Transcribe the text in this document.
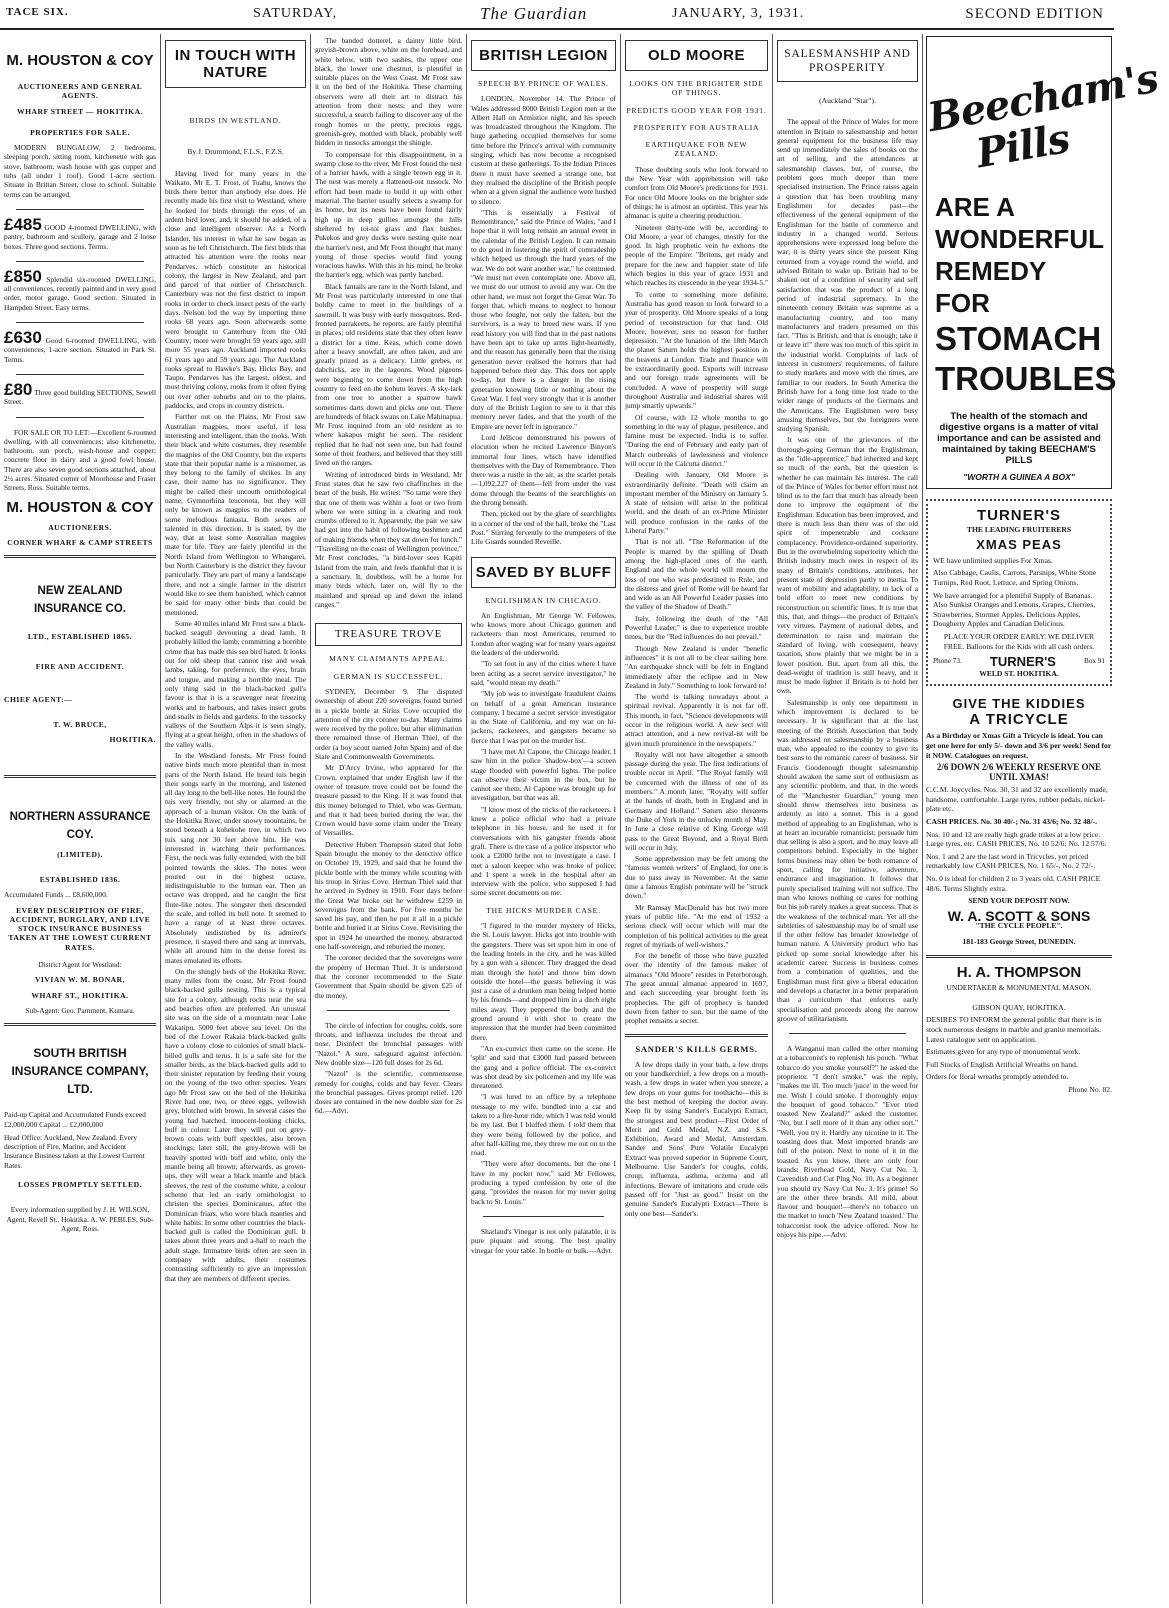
TACE SIX.	SATURDAY,	The Guardian	JANUARY, 3, 1931.	SECOND EDITION
M. HOUSTON & COY
AUCTIONEERS AND GENERAL AGENTS.
WHARF STREET — HOKITIKA.
PROPERTIES FOR SALE.

MODERN BUNGALOW, 2 bedrooms, sleeping porch, sitting room, kitchenette with gas stove, bathroom, wash house with gas copper and tubs (all under 1 roof). Good 1-acre section. Situate in Brittan Street, close to school. Suitable terms can be arranged.

£485 GOOD 4-roomed DWELLING, with pantry, bathroom and scullery, garage and 2 loose boxes. Three good sections. Terms.

£850 Splendid six-roomed DWELLING, all conveniences, recently painted and in very good order, motor garage. Good section. Situated in Hampden Street. Easy terms.

£630 Good 6-roomed DWELLING, with conveniences, 1-acre section. Situated in Park St. Terms.

£80 Three good building SECTIONS, Sewell Street.

FOR SALE OR TO LET:—Excellent 6-roomed dwelling, with all conveniences; also kitchenette, bathroom, sun porch, wash-house and copper; concrete floor in dairy and a good fowl house. There are also seven good sections attached, about 2½ acres. Situated corner of Moorhouse and Fraser Streets, Ross. Suitable terms.

M. HOUSTON & COY
AUCTIONEERS.
CORNER WHARF & CAMP STREETS
NEW ZEALAND INSURANCE CO.
LTD., ESTABLISHED 1865.
FIRE AND ACCIDENT.
CHIEF AGENT:—
T. W. BRUCE,
HOKITIKA.
NORTHERN ASSURANCE COY.
(LIMITED).
ESTABLISHED 1836.
Accumulated Funds ... £8,600,000.
EVERY DESCRIPTION OF FIRE, ACCIDENT, BURGLARY, AND LIVE STOCK INSURANCE BUSINESS TAKEN AT THE LOWEST CURRENT RATES.
District Agent for Westland:
VIVIAN W. M. BONAR,
WHARF ST., HOKITIKA.
Sub-Agent: Geo. Pammenŧ, Kumara.
SOUTH BRITISH INSURANCE COMPANY, LTD.
Paid-up Capital and Accumulated Funds exceed £2,000,000 Capital ... £2,000,000
Head Office: Auckland, New Zealand. Every description of Fire, Marine, and Accident Insurance Business taken at the Lowest Current Rates.
LOSSES PROMPTLY SETTLED.
Every information supplied by J. H. WILSON, Agent, Revell St., Hokitika. A. W. PEBLES, Sub-Agent, Ross.
IN TOUCH WITH NATURE
BIRDS IN WESTLAND.
By J. Drummond, F.L.S., F.Z.S.

Having lived for many years in the Waikato, Mr E. T. Frost, of Tuahu, knows the birds there better than anybody else does. He recently made his first visit to Westland, where he looked for birds through the eyes of an ardent bird lover, and, it should be added, of a close and intelligent observer. As a North Islander, his interest in what he saw began as soon as he left Christchurch. The first birds that attracted his attention were the rooks near Pendarves, which constitute an historical colony, the largest in New Zealand, and part and parcel of that outlier of Christchurch. Canterbury was not the first district to import rooks in order to check insect pests of the early days. Nelson led the way by importing three rooks 68 years ago. Soon afterwards some were brought to Canterbury from the Old Country; more were brought 59 years ago, still more 55 years ago. Auckland imported rooks 61 years ago and 59 years ago. The Auckland rooks spread to Hawke's Bay, Hicks Bay, and Taupo. Pendarves has the largest, oldest, and most thriving colony, rooks from it often flying out over other suburbs and on to the plains, paddocks, and crops in country districts.

Further out on the Plains, Mr Frost saw Australian magpies, more useful, if less interesting and intelligent, than the rooks. With their black and white costumes, they resemble the magpies of the Old Country, but the experts state that their popular name is a misnomer, as they belong to the family of shrikes. In any case, their name has no significance. They might be called their uncouth ornithological name, Gymnorhina leuconota, but they will only be known as magpies to the readers of some melodious fantasia. Both sexes are talented in this direction. It is stated, by the way, that at least some Australian magpies mate for life. They are fairly plentiful in the North Island from Wellington to Whangarei, but North Canterbury is the district they favour particularly. They are part of many a landscape there, and not a single farmer in the district would like to see them banished, which cannot be said for many other birds that could be mentioned.

Some 40 miles inland Mr Frost saw a black-backed seagull devouring a dead lamb. It probably killed the lamb, committing a horrible crime that has made this sea bird hated. It looks out for old sheep that cannot rise and weak lambs, taking, for preference, the eyes, brain and tongue, and making a horrible meal. The only thing said in the black-backed gull's favour is that it is a scavenger near freezing works and in harbours, and takes insect grubs and snails in fields and gardens. In the tussocky valleys of the Southern Alps it is seen singly, flying at a great height, often in the shadows of the valley walls.

In the Westland forests, Mr Frost found native birds much more plentiful than in most parts of the North Island. He heard tuis begin their songs early in the morning, and listened all day long to the bell-like notes. He found the tuis very friendly, not shy or alarmed at the approach of a human visitor. On the bank of the Hokitika River, under snowy mountains, he stood beneath a kohekohe tree, in which two tuis sang not 30 feet above him. He was interested in watching their performances. First, the neck was fully extended, with the bill pointed towards the skies. The notes were poured out in the highest octave, indistinguishable to the human ear. Then an octave was dropped, and he caught the first flute-like notes. The songster then descended the scale, and tolled its bell note. It seemed to have a range of at least three octaves. Absolutely undisturbed by its admirer's presence, it stayed there and sang at intervals, while all around him in the dense forest its mates emulated its efforts.

On the shingly beds of the Hokitika River, many miles from the coast, Mr Frost found black-backed gulls nesting. This is a typical site for a colony, although rocks near the sea and beaches often are preferred. An unusual site was on the side of a mountain near Lake Wakatipu, 5000 feet above sea level. On the bed of the Lower Rakaia black-backed gulls have a colony close to colonies of small black-billed gulls and terns. It is a safe site for the smaller birds, as the black-backed gulls add to their sinister reputation by feeding their young on the young of the two other species. Years ago Mr Frost saw on the bed of the Hokitika River had one, two, or three eggs, yellowish grey, blotched with brown. In several cases the young had hatched, innocent-looking chicks, buff in colour. Later they will put on grey-brown coats with buff speckles, also brown stockings; later still, the grey-brown will be heavily spotted with buff and white, only the mantle being all brown; afterwards, as grown-ups, they will wear a black mantle and black sleeves, the rest of the costume white, a colour scheme that led an early ornithologist to christen the species Dominicanus, after the Dominican friars, who wore black mantles and white habits. In some other countries the black-backed gull is called the Dominican gull. It takes about three years and a-half to reach the adult stage. Immature birds often are seen in company with adults, their costumes contrasting sufficiently to give an impression that they are members of different species.

The banded dotterel, a dainty little bird, greyish-brown above, white on the forehead, and white below, with two sashes, the upper one black, the lower one chestnut, is plentiful in suitable places on the West Coast. Mr Frost saw it on the bed of the Hokitika. These charming observers were all their art to distract his attention from their nests; and they were successful, a search failing to discover any of the rough homes or the pretty, precious eggs, greenish-grey, mottled with black, probably well hidden in tussocks amongst the shingle.

To compensate for this disappointment, in a swamp close to the river, Mr Frost found the nest of a harrier hawk, with a single brown egg in it. The nest was merely a flattened-out tussock. No effort had been made to build it up with other material. The harrier usually selects a swamp for its home, but its nests have been found fairly high up in deep gullies amongst the hills sheltered by toi-toi grass and flax bushes. Pukekos and grey ducks were nesting quite near the harrier's nest, and Mr Frost thought that many young of those species would find young voracious hawks. With this in his mind, he broke the harrier's egg, which was partly hatched.

Black fantails are rare in the North Island, and Mr Frost was particularly interested in one that boldly came to meet in the buildings of a sawmill. It was busy with early mosquitoes. Red-fronted parrakeets, he reports, are fairly plentiful in places; old residents state that they often leave a district for a time. Keas, which come down after a heavy snowfall, are often taken, and are greatly prized as a delicacy. Little grebes, or dabchicks, are in the lagoons. Wood pigeons were beginning to come down from the high country to feed on the kohutu leaves. A sky-lark from one tree to another a sparrow hawk sometimes darts down and picks one out. There are hundreds of black swans on Lake Mahinapua. Mr Frost inquired from an old resident as to where kakapos might be seen. The resident replied that he had not seen one, but had found some of their feathers, and believed that they still lived on the ranges.

Writing of introduced birds in Westland, Mr Frost states that he saw two chaffinches in the heart of the bush. He writes: "So tame were they that one of them was within a foot or two from where we were sitting in a clearing and took crumbs offered to it. Apparently, the pair we saw had got into the habit of following bushmen and of making friends when they sat down for lunch." "Travelling on the coast of Wellington province," Mr Frost concludes, "a bird-lover sees Kapiti Island from the train, and feels thankful that it is a sanctuary. It, doubtless, will be a home for many birds which, later on, will fly to the mainland and spread up and down the inland ranges."

TREASURE TROVE
MANY CLAIMANTS APPEAL.
GERMAN IS SUCCESSFUL.

SYDNEY, December 9. The disputed ownership of about 220 sovereigns found buried in a pickle bottle at Sirius Cove occupied the attention of the city coroner to-day. Many claims were received by the police, but after elimination there remained those of Herman Thiel, of the order (a boy scout named John Spain) and of the State and Commonwealth Governments.

Mr D'Arcy Irvine, who appeared for the Crown, explained that under English law if the owner of treasure trove could not be found the treasure passed to the King. If it was found that this money belonged to Thiel, who was German, and that it had been buried during the war, the Crown would have some claim under the Treaty of Versailles.

Detective Hubert Thompson stated that John Spain brought the money to the detective office on October 19, 1929, and said that he found the pickle bottle with the money while scouting with his troop in Sirius Cove. Herman Thiel said that he arrived in Sydney in 1910. Four days before the Great War broke out he withdrew £259 in sovereigns from the bank. For five months he saved his pay, and then he put it all in a pickle bottle and buried it at Sirius Cove. Revisiting the spot in 1924 he unearthed the money, abstracted one half-sovereign, and reburied the money.

The coroner decided that the sovereigns were the property of Herman Thiel. It is understood that the coroner recommended to the State Government that Spain should be given £25 of the money.

The circle of infection for coughs, colds, sore throats, and influenza includes the throat and nose. Disinfect the bronchial passages with "Nazol." A sure, safeguard against infection. New double size—120 full doses for 2s 6d.

"Nazol" is the scientific, commonsense remedy for coughs, colds and hay fever. Clears the bronchial passages. Gives prompt relief. 120 doses are contained in the new double size for 2s 6d.—Advt.

BRITISH LEGION
SPEECH BY PRINCE OF WALES.

LONDON, November 14. The Prince of Wales addressed 8000 British Legion men at the Albert Hall on Armistice night, and his speech was broadcasted throughout the Kingdom. The huge gathering occupied themselves for some time before the Prince's arrival with community singing, which has now become a recognised custom at these gatherings. To the Indian Princes there it must have seemed a strange one, but they realised the discipline of the British people when at a given signal the audience were hushed to silence.

"This is essentially a Festival of Remembrance," said the Prince of Wales, "and I hope that it will long remain an annual event in the calendar of the British Legion. It can remain to do good in fostering the spirit of comradeship which helped us through the hard years of the war. We do not want another war," he continued. "We must not even contemplate one. Above all, we must do our utmost to avoid any war. On the other hand, we must not forget the Great War. To forget that, which means to neglect to honour those who fought, not only the fallen, but the survivors, is a way to breed new wars. If you read history you will find that in the past nations have been apt to take up arms light-heartedly, and the reason has generally been that the rising generation never realised the horrors that had happened before their day. This does not apply to-day, but there is a danger in the rising generation knowing little or nothing about the Great War. I feel very strongly that it is another duty of the British Legion to see to it that this memory never fades, and that the youth of the Empire are never left in ignorance."

Lord Jellicoe demonstrated his powers of elocution when he recited Lawrence Binyon's immortal four lines, which have identified themselves with the Day of Remembrance. Then there was a rustle in the air, as the scarlet petals—1,092,227 of them—fell from under the vast dome through the beams of the searchlights on the throng beneath.

Then, picked out by the glare of searchlights in a corner of the end of the hall, broke the "Last Post." Stirring fervently to the trumpeters of the Life Guards sounded Reveille.

SAVED BY BLUFF
ENGLISHMAN IN CHICAGO.

An Englishman, Mr George W. Fellowes, who knows more about Chicago gunmen and racketeers than most Americans, returned to London after waging war for many years against the leaders of the underworld.

"To set foot in any of the cities where I have been acting as a secret service investigator," he said, "would mean my death."

"My job was to investigate fraudulent claims on behalf of a great American insurance company. I became a secret service investigator in the State of California, and my war on hi-jackers, racketeers, and gangsters became so fierce that I was put on the murder list.

"I have met Al Capone, the Chicago leader. I saw him in the police 'shadow-box'—a screen stage flooded with powerful lights. The police can observe their victim in the box, but he cannot see them. Al Capone was brought up for investigation, but that was all.

"I know most of the tricks of the racketeers. I knew a police official who had a private telephone in his house, and he used it for conversations with his gangster friends about graft. There is the case of a police inspector who took a £2000 bribe not to investigate a case. I met a saloon keeper who was broke of police; and I spent a week in the hospital after an interview with the police, who supposed I had some secret documents on me.

THE HICKS MURDER CASE.

"I figured in the murder mystery of Hicks, the St. Louis lawyer. Hicks got into trouble with the gangsters. There was set upon him in one of the leading hotels in the city, and he was killed by a gun with a silencer. They dragged the dead man through the hotel and threw him down outside the hotel—the guests believing it was just a case of a drunken man being helped home by his friends—and dropped him in a ditch eight miles away. They peppered the body and the ground around it with shot to create the impression that the murder had been committed there.

"An ex-convict then came on the scene. He 'split' and said that £3000 had passed between the gang and a police official. The ex-convict was shot dead by six policemen and my life was threatened.

"I was lured to an office by a telephone message to my wife, bundled into a car and taken to a fire-hour ride, which I was told would be my last. But I bluffed them. I told them that they were being followed by the police, and after half-killing me, they threw me out on to the road.

"They were after documents, but the one I have in my pocket now," said Mr Fellowes, producing a typed confession by one of the gang. "provides the reason for my never going back to St. Louis."

Sharland's Vinegar is not only palatable, it is pure piquant and strong. The best quality vinegar for your table. In bottle or bulk.—Advt.

OLD MOORE
LOOKS ON THE BRIGHTER SIDE OF THINGS.
PREDICTS GOOD YEAR FOR 1931.
PROSPERITY FOR AUSTRALIA
EARTHQUAKE FOR NEW ZEALAND.

Those doubting souls who look forward to the New Year with apprehension will take comfort from Old Moore's predictions for 1931. For once Old Moore looks on the brighter side of things; he is almost an optimist. This year his almanac is quite a cheering production.

Nineteen thirty-one will be, according to Old Moore, a year of changes, mostly for the good. In high prophetic vein he exhorts the people of the Empire: "Britons, get ready and prepare for the new and happier state of life which begins in this year of grace 1931 and which reaches its crescendo in the year 1934-5."

To come to something more definite, Australia has good reason to look forward to a year of prosperity. Old Moore speaks of a long period of reconstruction for that land. Old Moore, however, sees no reason for further depression. "At the lunation of the 18th March the planet Saturn holds the highest position in the heavens at London. Trade and finance will be extraordinarily good. Exports will increase and our foreign trade agreements will be concluded. A wave of prosperity will surge throughout Australia and industrial shares will jump smartly upwards."

Of course, with 12 whole months to go something in the way of plague, pestilence, and famine must be expected. India is to suffer. "During the end of February and early part of March outbreaks of lawlessness and violence will occur in the Calcutta district."

Dealing with January, Old Moore is extraordinarily definite. "Death will claim an important member of the Ministry on January 5. A state of tension will arise in the political world, and the death of an ex-Prime Minister will produce confusion in the ranks of the Liberal Party."

That is not all. "The Reformation of the People is marred by the spilling of Death among the high-placed ones of the earth. England and the whole world will mourn the loss of one who was predestined to Rule, and the distress and grief of Rome will be heard far and wide as an All Powerful Leader passes into the valley of the Shadow of Death."

Italy, following the death of the "All Powerful Leader," is due to experience trouble times, but the "Red influences do not prevail."

Though New Zealand is under "benefic influences" it is not all to be clear sailing here. "An earthquake shock will be felt in England immediately after the eclipse and in New Zealand in July." Something to look forward to!

The world is talking nowadays about a spiritual revival. Apparently it is not far off. This month, in fact, "Science developments will occur in the religious world. A new sect will attract attention, and a new revival-ist will be given much prominence in the newspapers."

Royalty will not have altogether a smooth passage during the year. The first indications of trouble occur in April. "The Royal family will be concerned with the illness of one of its members." A month later, "Royalty will suffer at the hands of death, both in England and in Germany and Holland." Saturn also threatens the Duke of York in the unlucky month of May. In June a close relative of King George will pass to the Great Beyond, and a Royal Birth will occur in July.

Some apprehension may be felt among the "famous women writers" of England, for one is due to pass away in November. At the same time a famous English potentate will be "struck down."

Mr Ramsay MacDonald has but two more years of public life. "At the end of 1932 a serious check will occur which will mar the completion of his political activities to the great regret of myriads of well-wishers."

For the benefit of those who have puzzled over the identity of the famous maker of almanacs "Old Moore" resides in Peterborough. The great annual almanac appeared in 1697, and each succeeding year brought forth its prophecies. The gift of prophecy is handed down from father to son, but the name of the prophet remains a secret.

SANDER'S KILLS GERMS.

A few drops daily in your bath, a few drops on your handkerchief, a few drops on a mouth-wash, a few drops in water when you sneeze, a few drops on your gums for toothache—this is the best method of keeping the doctor away. Keep fit by using Sander's Eucalypti Extract, the strongest and best product—First Order of Merit and Gold Medal, N.Z. and S.S. Exhibition, Award and Medal, Amsterdam. Sander and Sons' Pure Volatile Eucalypti Extract was proved superior in Supreme Court, Melbourne. Use Sander's for coughs, colds, croup, influenza, asthma, eczema and all infections. Beware of imitations and crude oils passed off for "Just as good." Insist on the genuine Sander's Eucalypti Extract—There is only one best—Sander's.

SALESMANSHIP AND PROSPERITY
(Auckland "Star").

The appeal of the Prince of Wales for more attention in Britain to salesmanship and better general equipment for the business life may send up immediately the sales of books on the art of selling, and the attendances at salesmanship classes, but, of course, the problem goes much deeper than mere specialised instruction. The Prince raises again a question that has been troubling many Englishmen for decades past—the effectiveness of the general equipment of the Englishman for the battle of commerce and industry in a changed world. Serious apprehensions were expressed long before the war; it is thirty years since the present King returned from a voyage round the world, and advised Britain to wake up. Britain had to be shaken out of a condition of security and self satisfaction that was the product of a long period of industrial supremacy. In the nineteenth century Britain was supreme as a manufacturing country, and too many manufacturers and traders presumed on this fact. "This is British, and that is enough; take it or leave it!" there was too much of this spirit in the industrial world. Complaints of lack of interest in customers' requirements, of failure to study markets and move with the times, are familiar to our readers. In South America the British have for a long time lost trade to the wider range of products of the Germans and the Americans. The Englishmen were busy amusing themselves, but the foreigners were studying Spanish.

It was one of the grievances of the thorough-going German that the Englishman, as the "idle-apprentice," had inherited and kept so much of the earth, but the question is whether he can maintain his interest. The call of the Prince of Wales for better effort must not blind us to the fact that much has already been done to improve the equipment of the Englishman. Education has been improved, and there is much less than there was of the old spirit of impenetrable and cocksure complacency. Providence-ordained superiority. But in the overwhelming superiority which the British industry much owes in respect of its many of Britain's conditions, attributes, her present state of depression partly to inertia. To want of mobility and adaptability, to lack of a bold effort to meet new conditions by reconstruction on scientific lines. It is true that this, that, and things—the product of Britain's very virtues. Payment of national debts, and determination to raise and maintain the standard of living, with consequent, heavy taxation, show plainly that we might be in a lower position. But, apart from all this, the dead-weight of tradition is still heavy, and it must be made lighter if Britain is to hold her own.

Salesmanship is only one department in which improvement is declared to be necessary. It is significant that at the last meeting of the British Association that body was addressed on salesmanship by a business man, who appealed to the country to give its best sons to the romantic career of business. Sir Francis Goodenough thought salesmanship should awaken the same sort of enthusiasm as any scientific problem, and that, in the words of the "Manchester Guardian," young men should throw themselves into business as ardently as into a sonnet. This is a good method of appealing to an Englishman, who is at heart an incurable romanticist; persuade him that selling is also a sport, and he may leave all competitors behind. Especially in the higher forms business may often be both romance of sport, calling for initiative, adventure, endurance and imagination. It follows that purely specialised training will not suffice. The man who knows nothing or cares for nothing but his job rarely makes a great success. That is the weakness of the technical man. Yet all the subtleties of salesmanship may be of small use if the other fellow has broader knowledge of human nature. A University product who has picked up some social knowledge after his academic career. Success in business comes from a combination of qualities, and the Englishman must first give a liberal education and develops a character in a better preparation than a curriculum that enforces early specialisation and proceeds along the narrow groove of utilitarianism.

A Wanganui man called the other morning at a tobacconist's to replenish his pouch. "What tobacco do you smoke yourself?" he asked the proprietor. "I don't smoke," was the reply, "makes me ill. Too much 'juice' in the weed for me. Wish I could smoke. I thoroughly enjoy the bouquet of good tobacco." "Ever tried toasted New Zealand?" asked the customer. "No, but I sell more of it than any other sort." "Well, you try it. Hardly any nicotine in it. The toasting does that. Most imported brands are full of the poison. Next to none of it in the toasted. As you know, there are only four brands: Riverhead Gold, Navy Cut No. 3, Cavendish and Cut Plug No. 10. As a beginner you should try Navy Cut No. 3. It's prime! So are the other three brands. All mild, about flavour and bouquet!—there's no tobacco on the market to touch 'New Zealand toasted.' The tobacconist took the advice offered. Now he enjoys his pipe.—Advt.

Beecham's Pills
ARE A
WONDERFUL
REMEDY
FOR
STOMACH
TROUBLES
The health of the stomach and digestive organs is a matter of vital importance and can be assisted and maintained by taking BEECHAM'S PILLS
"WORTH A GUINEA A BOX"
TURNER'S
THE LEADING FRUITERERS
XMAS PEAS

WE have unlimited supplies For Xmas.

Also Cabbage, Caulis, Carrots, Parsnips, White Stone Turnips, Red Root, Lettuce, and Spring Onions.

We have arranged for a plentiful Supply of Bananas. Also Sunkist Oranges and Lemons, Grapes, Cherries, Strawberries, Stormer Apples, Delicious Apples, Dougherty Apples and Canadian Delicious.

PLACE YOUR ORDER EARLY. WE DELIVER FREE. Balloons for the Kids with all cash orders.

Phone 73. TURNER'S	Box 91
WELD ST. HOKITIKA.
GIVE THE KIDDIES
A TRICYCLE

As a Birthday or Xmas Gift a Tricycle is ideal. You can get one here for only 5/- down and 3/6 per week! Send for it NOW. Catalogues on request.

2/6 DOWN 2/6 WEEKLY RESERVE ONE UNTIL XMAS!

C.C.M. Joycycles. Nos. 30, 31 and 32 are excellently made, handsome, comfortable. Large tyres, rubber pedals, nickel-plate etc.

CASH PRICES. No. 30 40/-; No. 31 43/6; No. 32 48/-.

Nos. 10 and 12 are really high grade trikes at a low price. Large tyres, etc. CASH PRICES, No. 10 52/6; No. 12 57/6.

Nos. 1 and 2 are the last word in Tricycles, yet priced remarkably low CASH PRICES, No. 1 65/-, No. 2 72/-.

No. 0 is ideal for children 2 to 3 years old. CASH PRICE 48/6. Terms Slightly extra.

SEND YOUR DEPOSIT NOW.

W. A. SCOTT & SONS
"THE CYCLE PEOPLE".
181-183 George Street, DUNEDIN.
H. A. THOMPSON
UNDERTAKER & MONUMENTAL MASON.
GIBSON QUAY, HOKITIKA.

DESIRES TO INFORM the general public that there is in stock numerous designs in marble and granite memorials. Latest catalogue sent on application.

Estimates given for any type of monumental work.

Full Stocks of English Artificial Wreaths on hand.

Orders for floral wreaths promptly attended to.

Phone No. 82.
